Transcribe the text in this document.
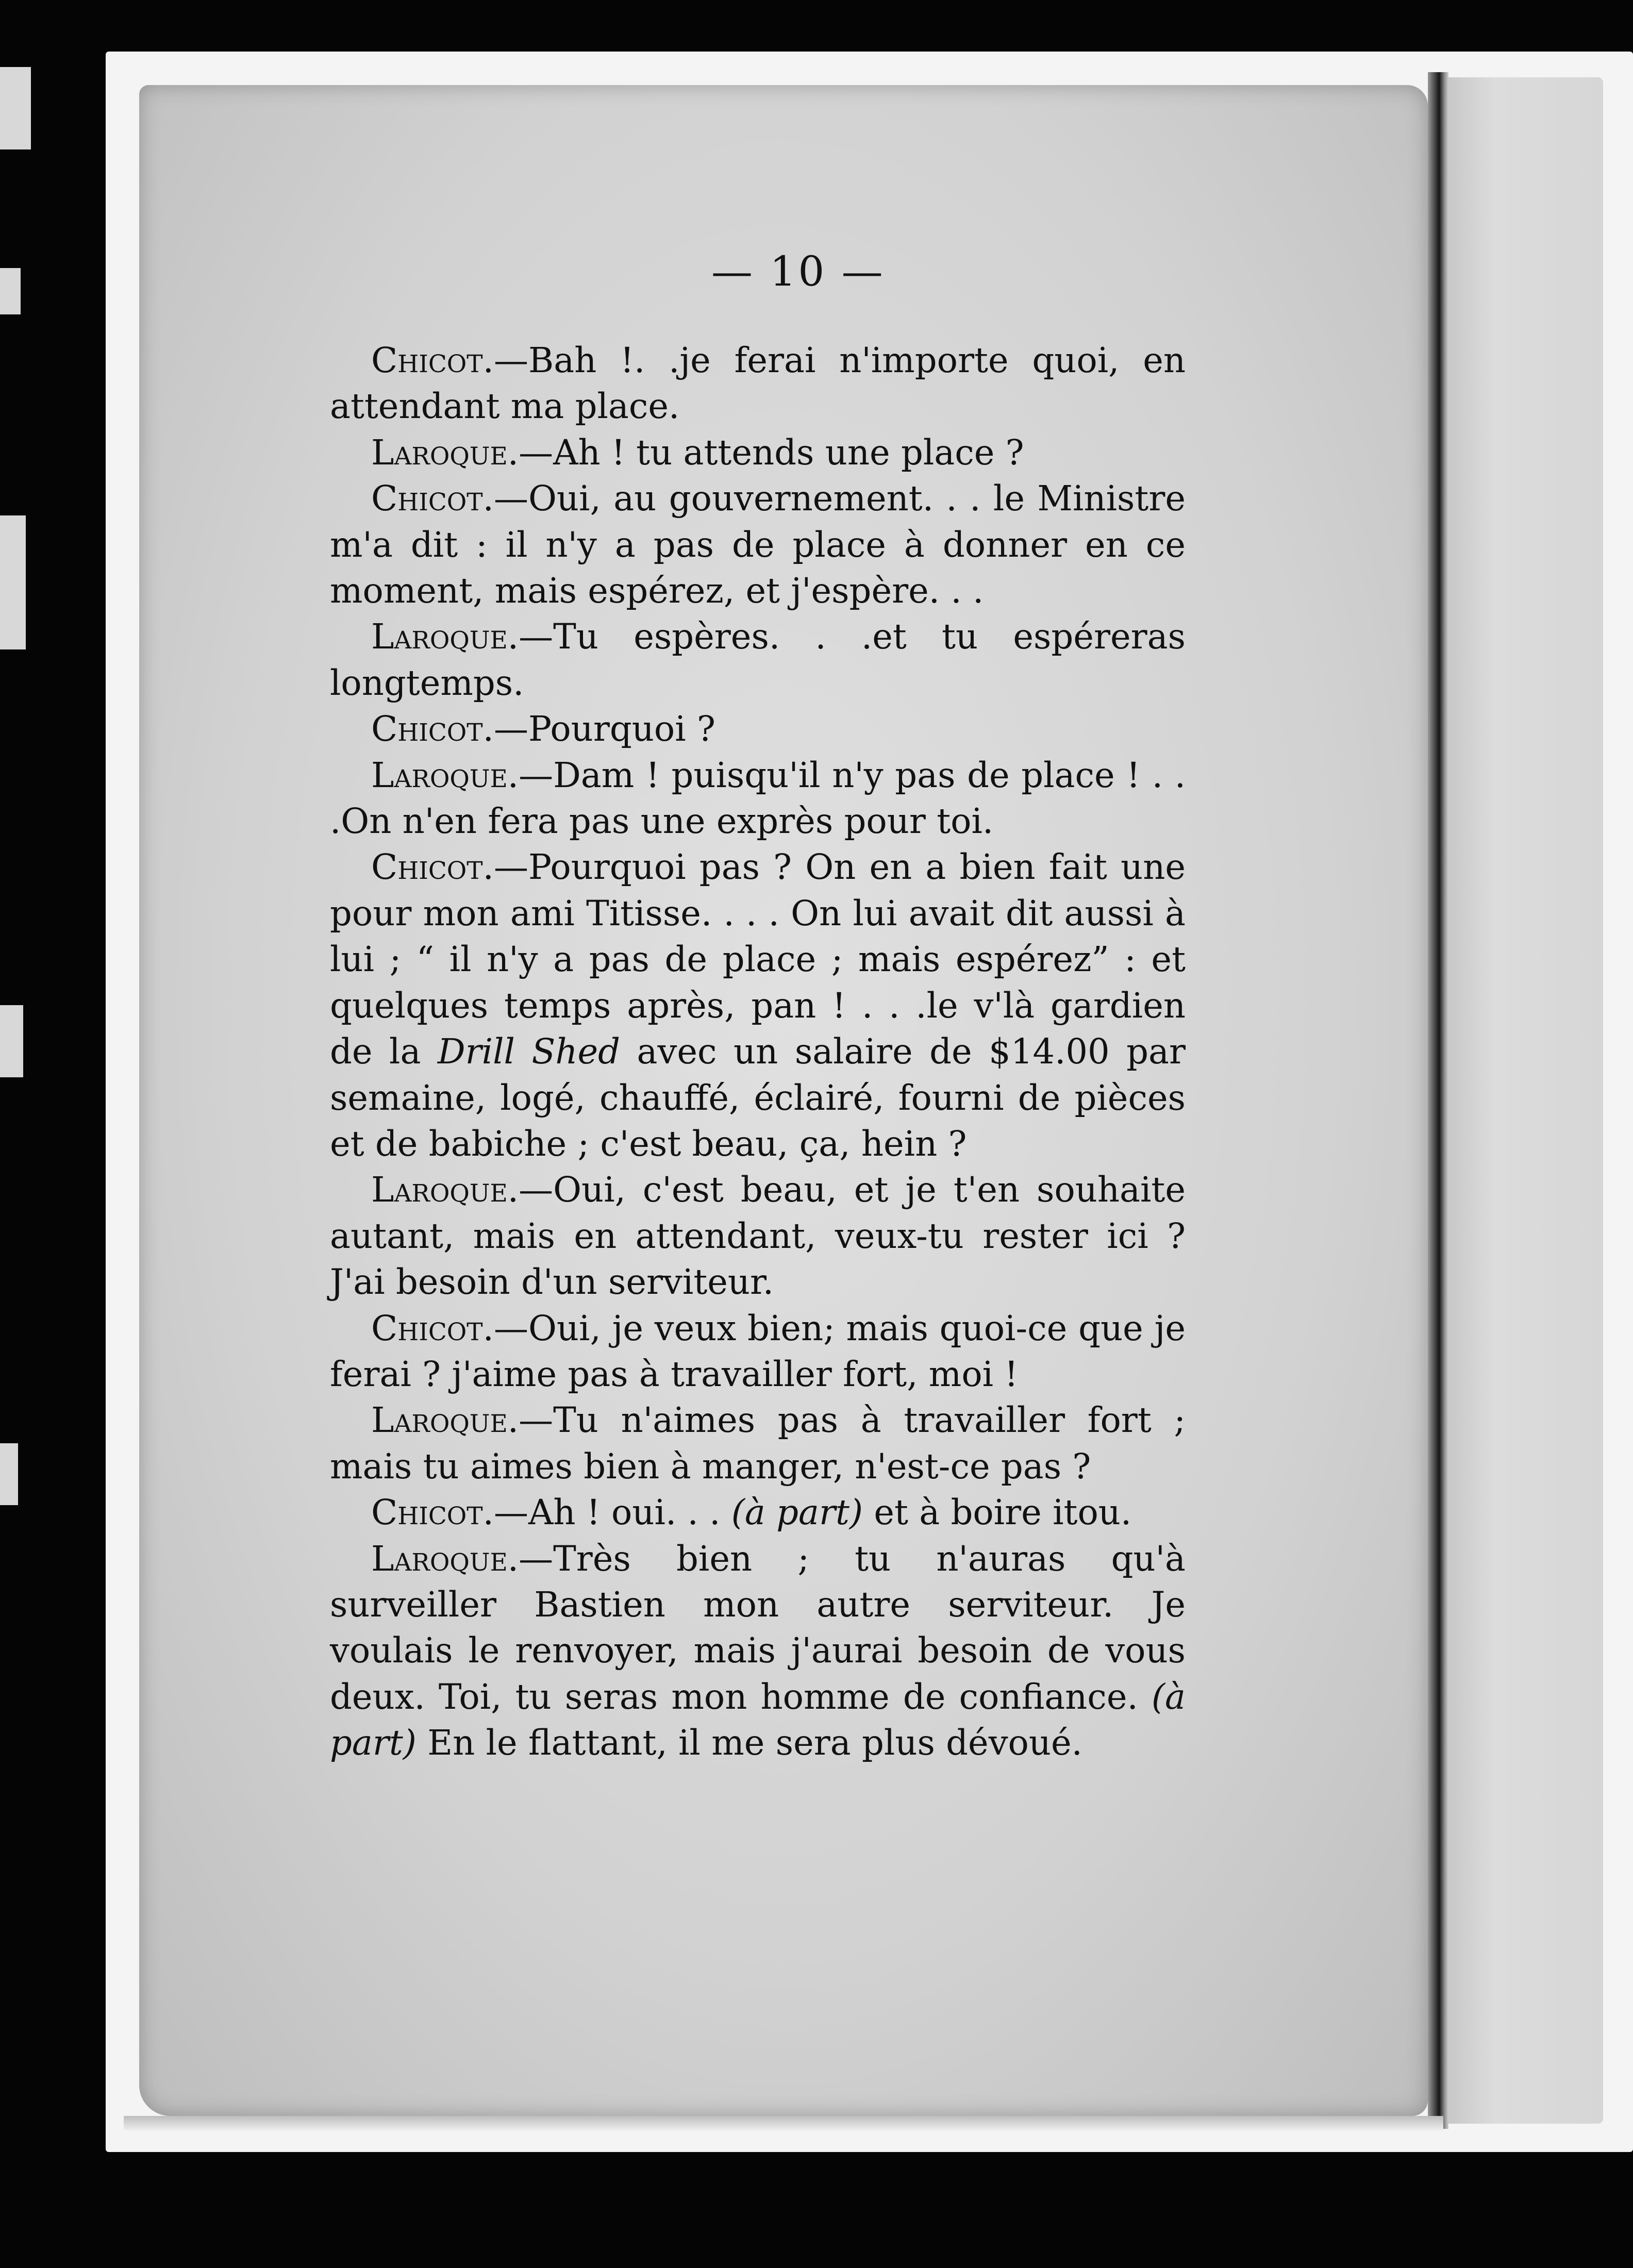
— 10 —

Chicot.—Bah !. .je ferai n'importe quoi, en attendant ma place.

Laroque.—Ah ! tu attends une place ?

Chicot.—Oui, au gouvernement. . . le Ministre m'a dit : il n'y a pas de place à donner en ce moment, mais espérez, et j'espère. . .

Laroque.—Tu espères. . .et tu espéreras longtemps.

Chicot.—Pourquoi ?

Laroque.—Dam ! puisqu'il n'y pas de place ! . . .On n'en fera pas une exprès pour toi.

Chicot.—Pourquoi pas ? On en a bien fait une pour mon ami Titisse. . . . On lui avait dit aussi à lui ; “ il n'y a pas de place ; mais espérez” : et quelques temps après, pan ! . . .le v'là gardien de la Drill Shed avec un salaire de $14.00 par semaine, logé, chauffé, éclairé, fourni de pièces et de babiche ; c'est beau, ça, hein ?

Laroque.—Oui, c'est beau, et je t'en souhaite autant, mais en attendant, veux-tu rester ici ? J'ai besoin d'un serviteur.

Chicot.—Oui, je veux bien; mais quoi-ce que je ferai ? j'aime pas à travailler fort, moi !

Laroque.—Tu n'aimes pas à travailler fort ; mais tu aimes bien à manger, n'est-ce pas ?

Chicot.—Ah ! oui. . . (à part) et à boire itou.

Laroque.—Très bien ; tu n'auras qu'à surveiller Bastien mon autre serviteur. Je voulais le renvoyer, mais j'aurai besoin de vous deux. Toi, tu seras mon homme de confiance. (à part) En le flattant, il me sera plus dévoué.
